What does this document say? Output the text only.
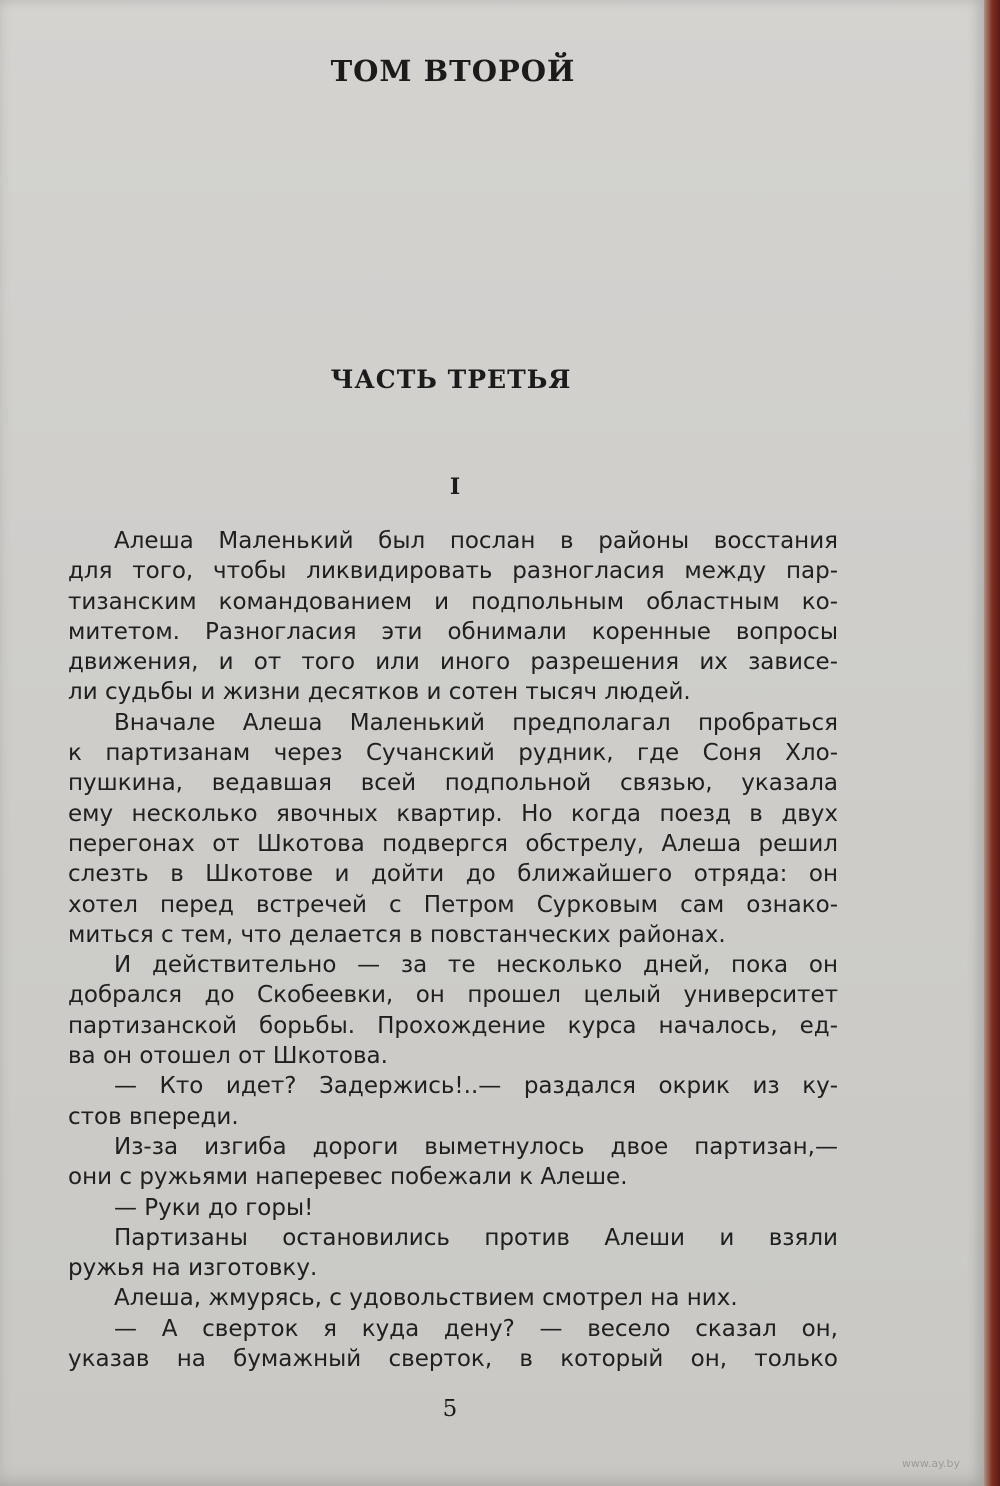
ТОМ ВТОРОЙ
ЧАСТЬ ТРЕТЬЯ
I
Алеша Маленький был послан в районы восстания
для того, чтобы ликвидировать разногласия между пар-
тизанским командованием и подпольным областным ко-
митетом. Разногласия эти обнимали коренные вопросы
движения, и от того или иного разрешения их зависе-
ли судьбы и жизни десятков и сотен тысяч людей.
Вначале Алеша Маленький предполагал пробраться
к партизанам через Сучанский рудник, где Соня Хло-
пушкина, ведавшая всей подпольной связью, указала
ему несколько явочных квартир. Но когда поезд в двух
перегонах от Шкотова подвергся обстрелу, Алеша решил
слезть в Шкотове и дойти до ближайшего отряда: он
хотел перед встречей с Петром Сурковым сам ознако-
миться с тем, что делается в повстанческих районах.
И действительно — за те несколько дней, пока он
добрался до Скобеевки, он прошел целый университет
партизанской борьбы. Прохождение курса началось, ед-
ва он отошел от Шкотова.
— Кто идет? Задержись!..— раздался окрик из ку-
стов впереди.
Из-за изгиба дороги выметнулось двое партизан,—
они с ружьями наперевес побежали к Алеше.
— Руки до горы!
Партизаны остановились против Алеши и взяли
ружья на изготовку.
Алеша, жмурясь, с удовольствием смотрел на них.
— А сверток я куда дену? — весело сказал он,
указав на бумажный сверток, в который он, только
5
www.ay.by
